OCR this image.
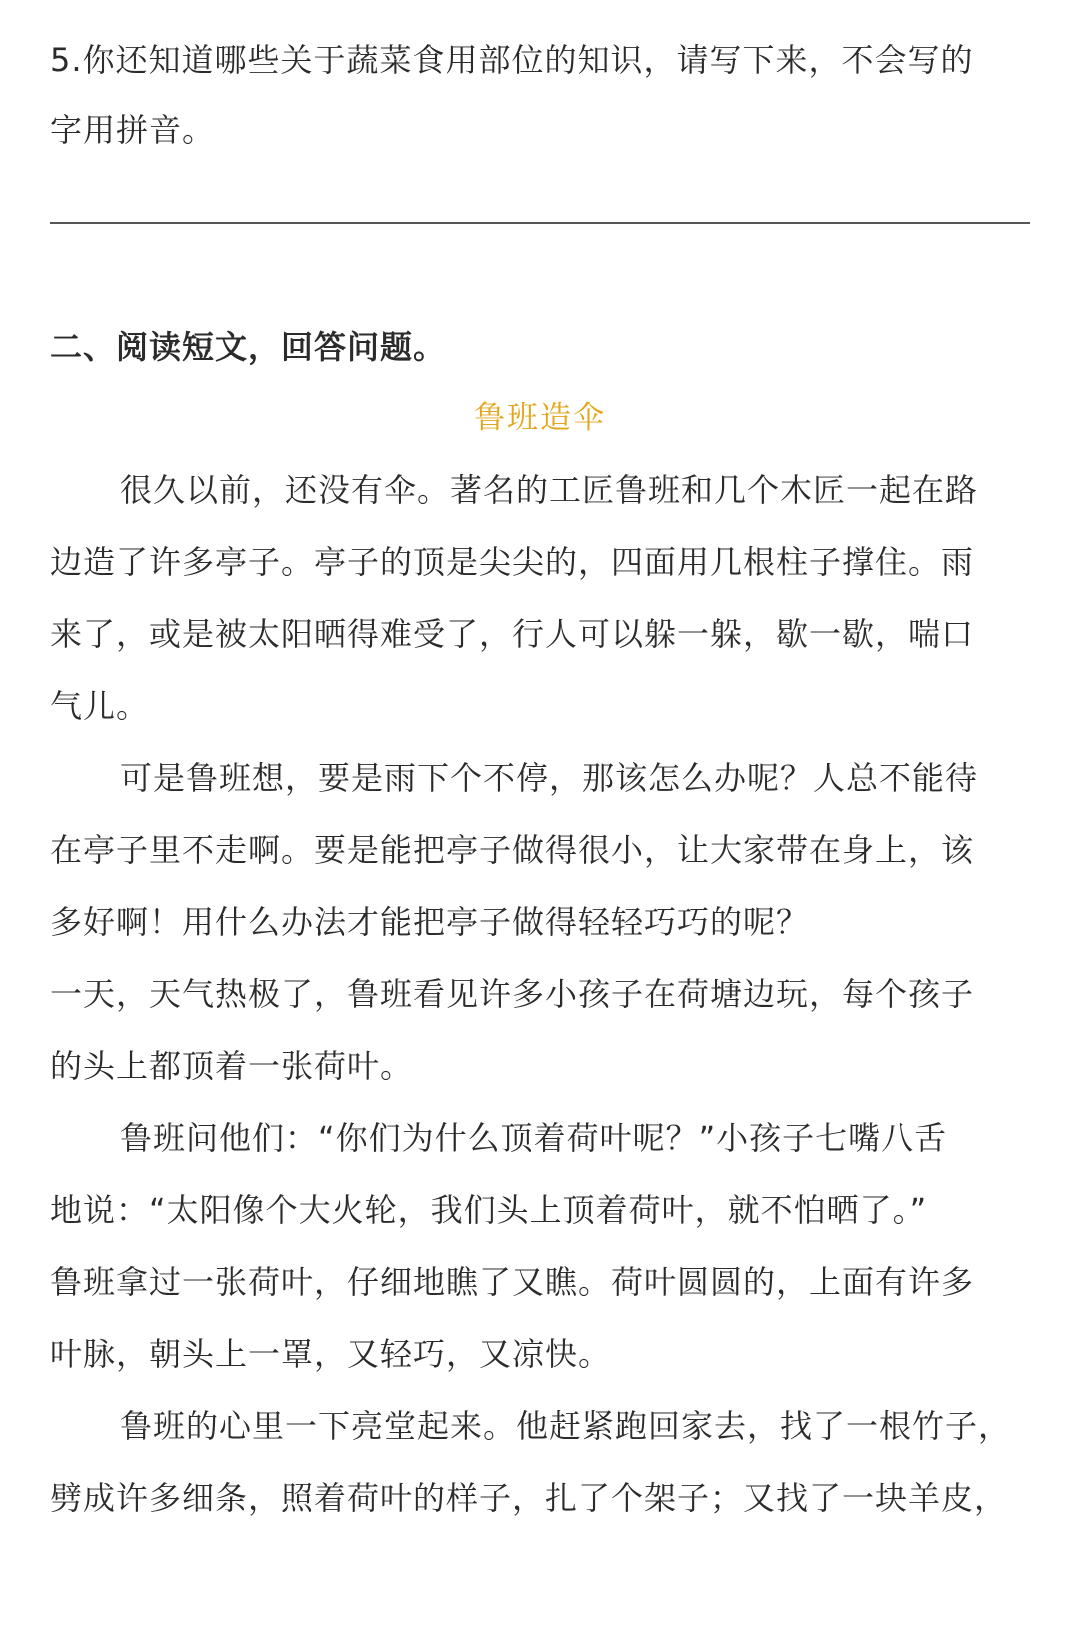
5.你还知道哪些关于蔬菜食用部位的知识，请写下来，不会写的
字用拼音。
二、阅读短文，回答问题。
鲁班造伞
很久以前，还没有伞。著名的工匠鲁班和几个木匠一起在路
边造了许多亭子。亭子的顶是尖尖的，四面用几根柱子撑住。雨
来了，或是被太阳晒得难受了，行人可以躲一躲，歇一歇，喘口
气儿。
可是鲁班想，要是雨下个不停，那该怎么办呢？人总不能待
在亭子里不走啊。要是能把亭子做得很小，让大家带在身上，该
多好啊！用什么办法才能把亭子做得轻轻巧巧的呢？
一天，天气热极了，鲁班看见许多小孩子在荷塘边玩，每个孩子
的头上都顶着一张荷叶。
鲁班问他们：“你们为什么顶着荷叶呢？”小孩子七嘴八舌
地说：“太阳像个大火轮，我们头上顶着荷叶，就不怕晒了。”
鲁班拿过一张荷叶，仔细地瞧了又瞧。荷叶圆圆的，上面有许多
叶脉，朝头上一罩，又轻巧，又凉快。
鲁班的心里一下亮堂起来。他赶紧跑回家去，找了一根竹子，
劈成许多细条，照着荷叶的样子，扎了个架子；又找了一块羊皮，
